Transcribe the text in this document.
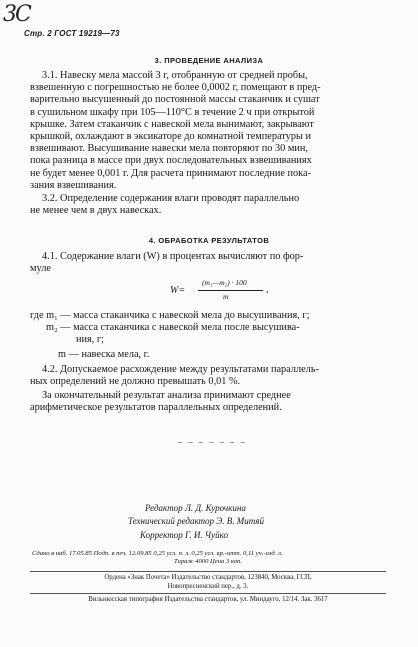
3C
Стр. 2 ГОСТ 19219—73
3. ПРОВЕДЕНИЕ АНАЛИЗА
3.1. Навеску мела массой 3 г, отобранную от средней пробы,
взвешенную с погрешностью не более 0,0002 г, помещают в пред-
варительно высушенный до постоянной массы стаканчик и сушат
в сушильном шкафу при 105—110°С в течение 2 ч при открытой
крышке. Затем стаканчик с навеской мела вынимают, закрывают
крышкой, охлаждают в эксикаторе до комнатной температуры и
взвешивают. Высушивание навески мела повторяют по 30 мин,
пока разница в массе при двух последовательных взвешиваниях
не будет менее 0,001 г. Для расчета принимают последние пока-
зания взвешивания.
3.2. Определение содержания влаги проводят параллельно
не менее чем в двух навесках.
4. ОБРАБОТКА РЕЗУЛЬТАТОВ
4.1. Содержание влаги (W) в процентах вычисляют по фор-
муле
W=
(m₁—m₂) · 100
m
,
где m₁ — масса стаканчика с навеской мела до высушивания, г;
m₂ — масса стаканчика с навеской мела после высушива-
ния, г;
m — навеска мела, г.
4.2. Допускаемое расхождение между результатами параллель-
ных определений не должно превышать 0,01 %.
За окончательный результат анализа принимают среднее
арифметическое результатов параллельных определений.
— — — — — — —
Редактор Л. Д. Курочкина
Технический редактор Э. В. Митяй
Корректор Г. И. Чуйко
Сдано в наб. 17.05.85 Подп. в печ. 12.09.85 0,25 усл. п. л. 0,25 усл. кр.-отт. 0,11 уч.-изд. л.
Тираж 4000 Цена 3 коп.
Ордена «Знак Почета» Издательство стандартов, 123840, Москва, ГСП,
Новопресненский пер., д. 3.
Вильнюсская типография Издательства стандартов, ул. Миндауго, 12/14. Зак. 3617
